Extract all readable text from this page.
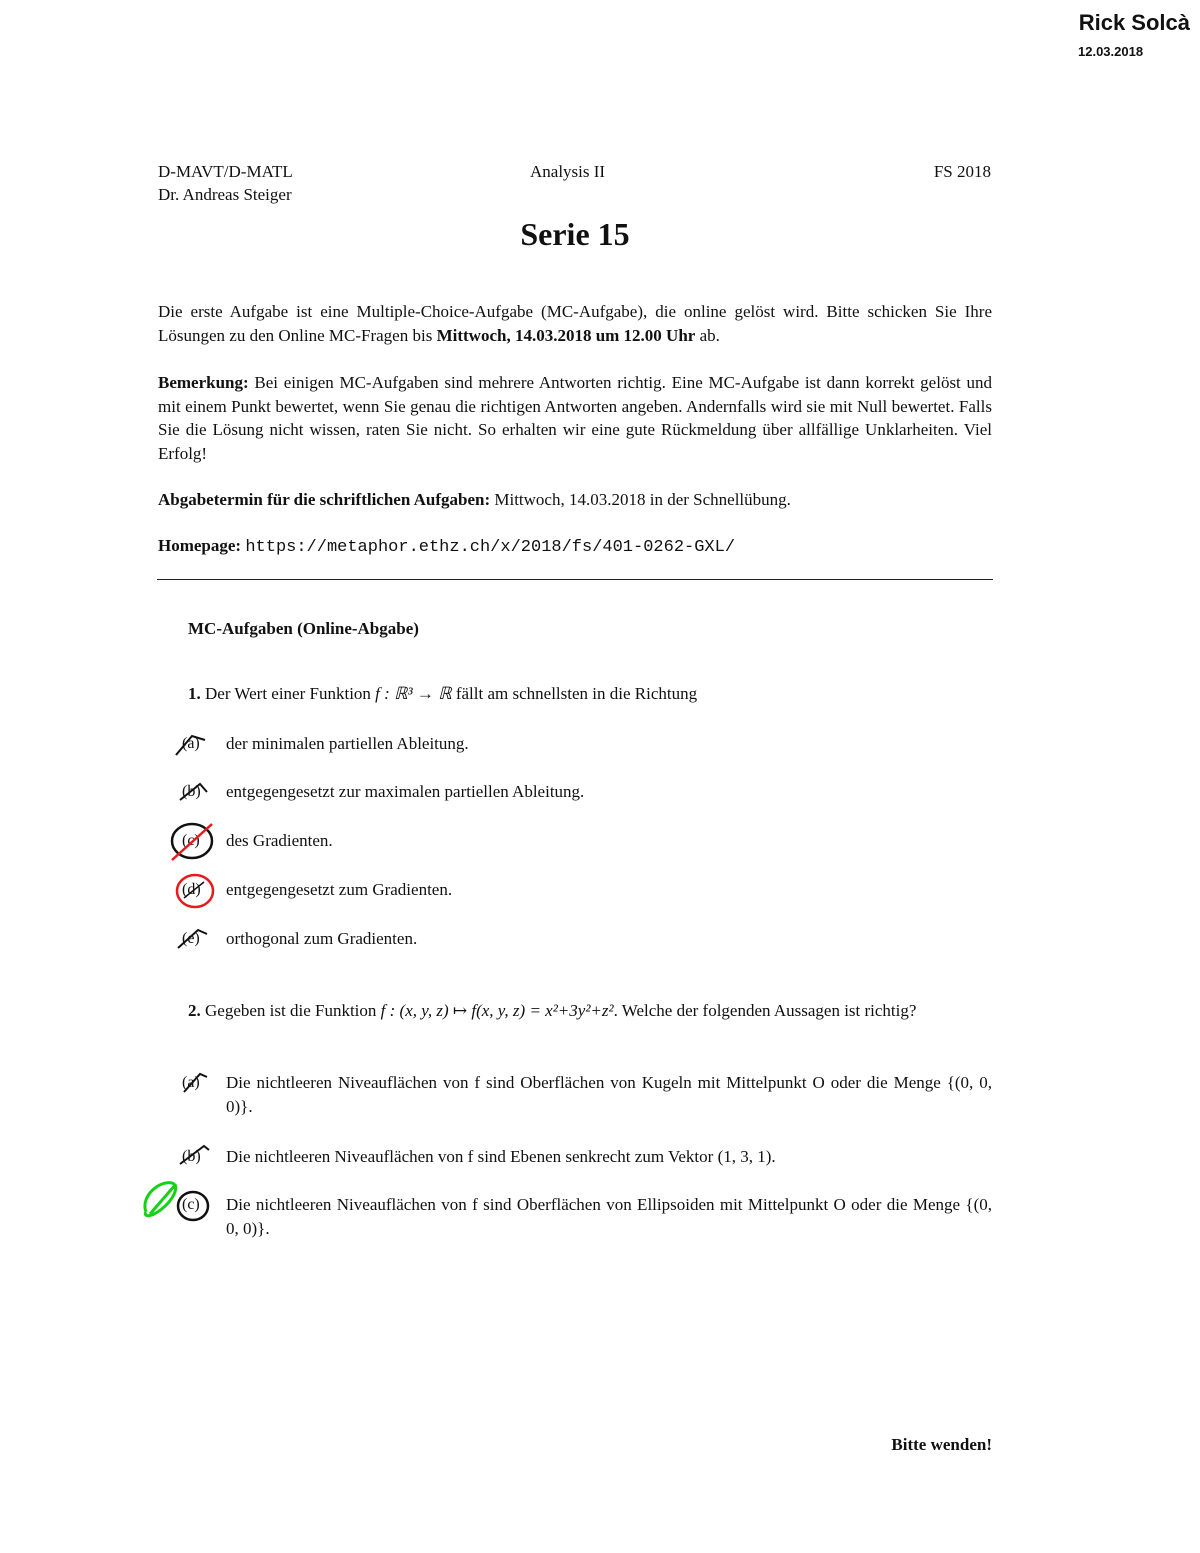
Rick Solcà
12.03.2018
D-MAVT/D-MATL
Dr. Andreas Steiger
Analysis II	FS 2018
Serie 15
Die erste Aufgabe ist eine Multiple-Choice-Aufgabe (MC-Aufgabe), die online gelöst wird. Bitte schicken Sie Ihre Lösungen zu den Online MC-Fragen bis Mittwoch, 14.03.2018 um 12.00 Uhr ab.
Bemerkung: Bei einigen MC-Aufgaben sind mehrere Antworten richtig. Eine MC-Aufgabe ist dann korrekt gelöst und mit einem Punkt bewertet, wenn Sie genau die richtigen Antworten angeben. Andernfalls wird sie mit Null bewertet. Falls Sie die Lösung nicht wissen, raten Sie nicht. So erhalten wir eine gute Rückmeldung über allfällige Unklarheiten. Viel Erfolg!
Abgabetermin für die schriftlichen Aufgaben: Mittwoch, 14.03.2018 in der Schnellübung.
Homepage: https://metaphor.ethz.ch/x/2018/fs/401-0262-GXL/
MC-Aufgaben (Online-Abgabe)
1. Der Wert einer Funktion f : ℝ³ → ℝ fällt am schnellsten in die Richtung
(a)	der minimalen partiellen Ableitung.
(b)	entgegengesetzt zur maximalen partiellen Ableitung.
(c)	des Gradienten.
(d)	entgegengesetzt zum Gradienten.
(e)	orthogonal zum Gradienten.
2. Gegeben ist die Funktion f : (x, y, z) ↦ f(x, y, z) = x²+3y²+z². Welche der folgenden Aussagen ist richtig?
(a)	Die nichtleeren Niveauflächen von f sind Oberflächen von Kugeln mit Mittelpunkt O oder die Menge {(0, 0, 0)}.
(b)	Die nichtleeren Niveauflächen von f sind Ebenen senkrecht zum Vektor (1, 3, 1).
(c)	Die nichtleeren Niveauflächen von f sind Oberflächen von Ellipsoiden mit Mittelpunkt O oder die Menge {(0, 0, 0)}.
Bitte wenden!
